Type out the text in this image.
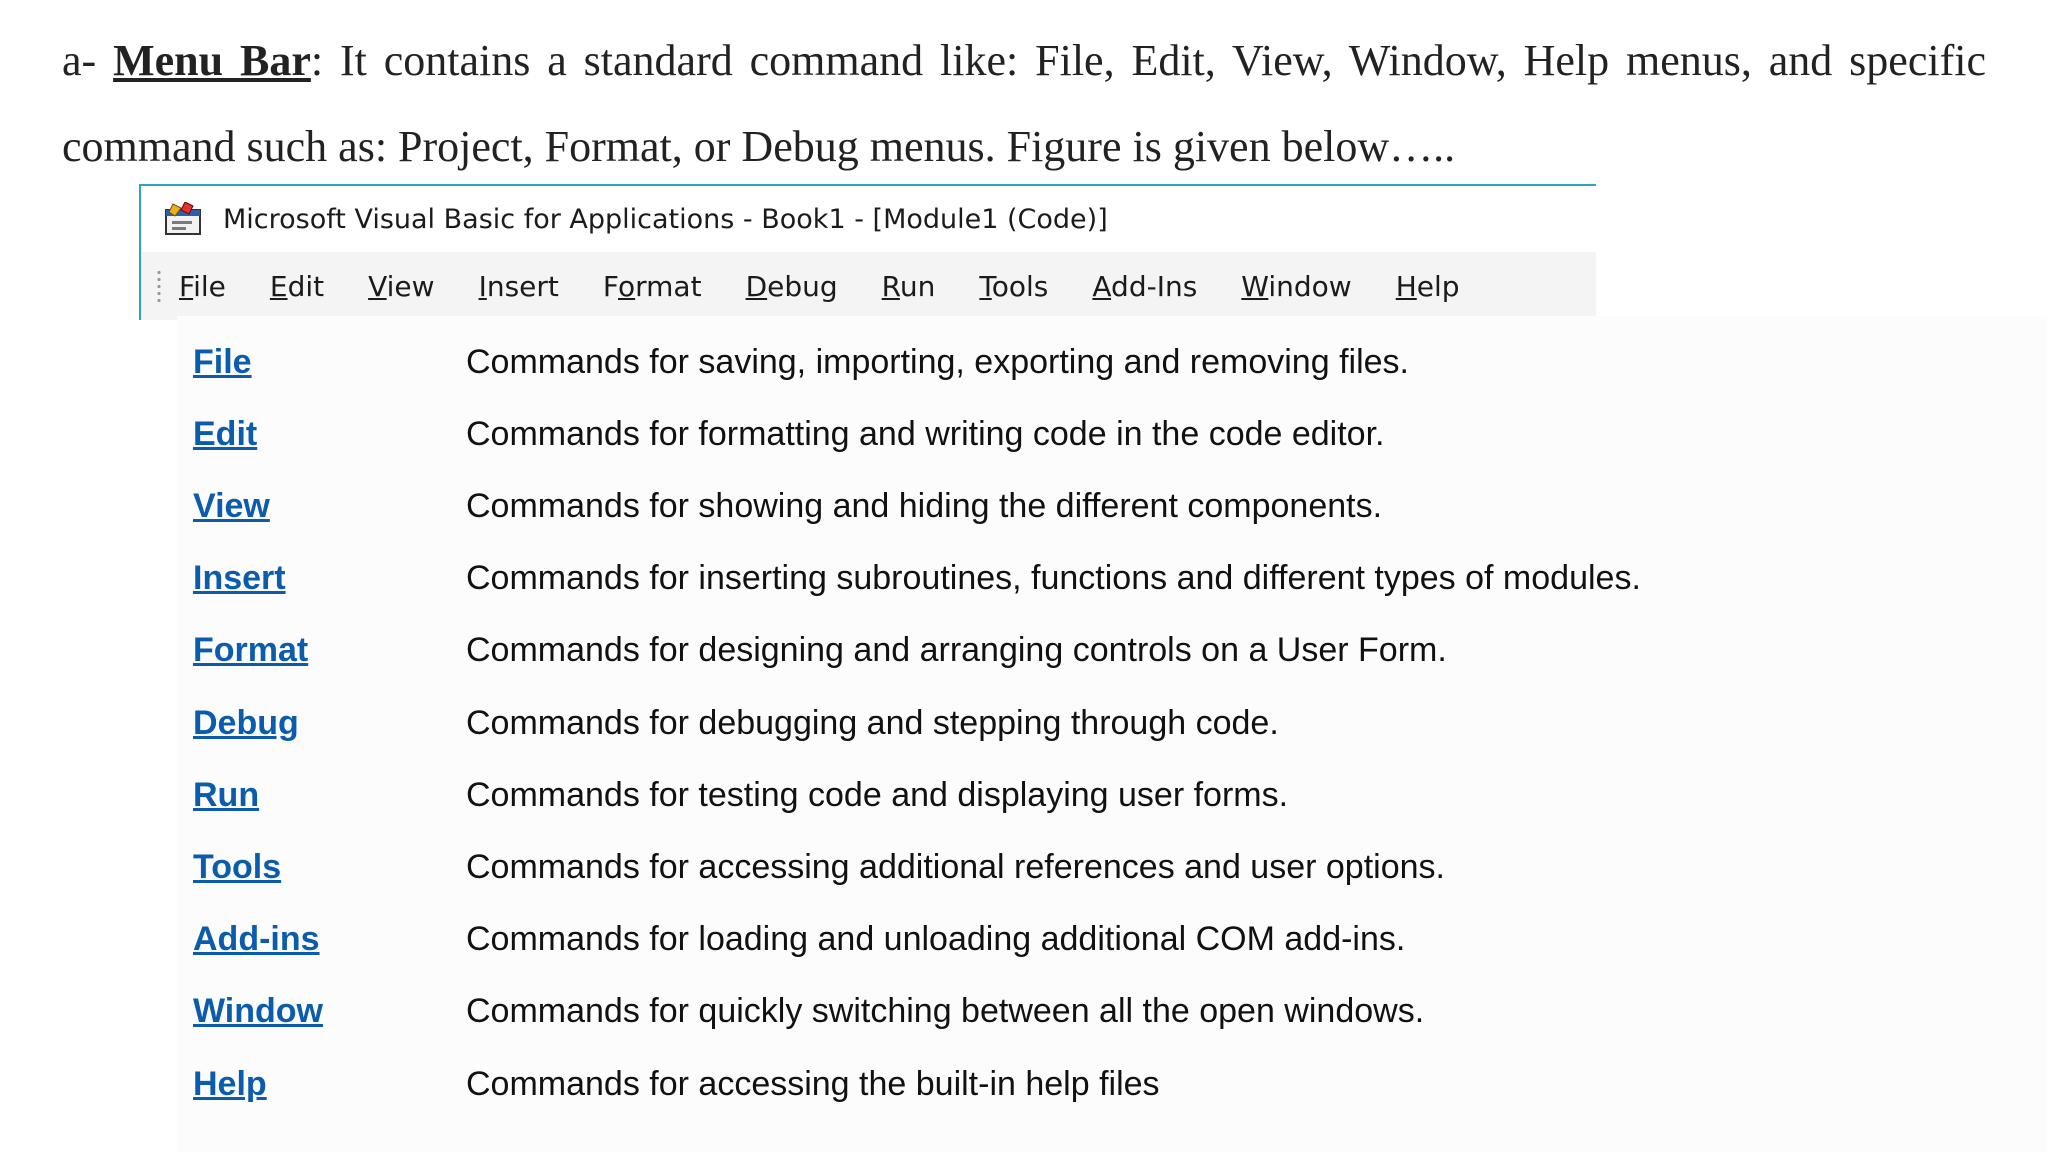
a- Menu Bar: It contains a standard command like: File, Edit, View, Window, Help menus, and specific command such as: Project, Format, or Debug menus. Figure is given below…..

Microsoft Visual Basic for Applications - Book1 - [Module1 (Code)]
File Edit View Insert Format Debug Run Tools Add-Ins Window Help
File	Commands for saving, importing, exporting and removing files.
Edit	Commands for formatting and writing code in the code editor.
View	Commands for showing and hiding the different components.
Insert	Commands for inserting subroutines, functions and different types of modules.
Format	Commands for designing and arranging controls on a User Form.
Debug	Commands for debugging and stepping through code.
Run	Commands for testing code and displaying user forms.
Tools	Commands for accessing additional references and user options.
Add-ins	Commands for loading and unloading additional COM add-ins.
Window	Commands for quickly switching between all the open windows.
Help	Commands for accessing the built-in help files
